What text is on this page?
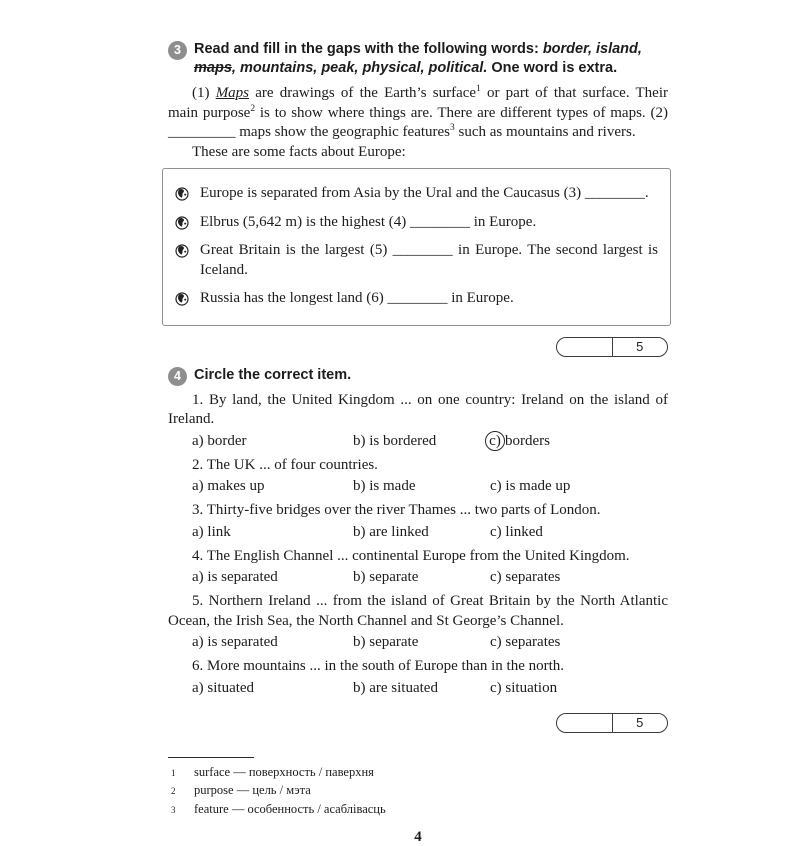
3 Read and fill in the gaps with the following words: border, island, maps, mountains, peak, physical, political. One word is extra.

(1) Maps are drawings of the Earth’s surface$^1$ or part of that surface. Their main purpose$^2$ is to show where things are. There are different types of maps. (2) _________ maps show the geographic features$^3$ such as mountains and rivers.

These are some facts about Europe:

Europe is separated from Asia by the Ural and the Caucasus (3) ________.
Elbrus (5,642 m) is the highest (4) ________ in Europe.
Great Britain is the largest (5) ________ in Europe. The second largest is Iceland.
Russia has the longest land (6) ________ in Europe.
5
4 Circle the correct item.

1. By land, the United Kingdom ... on one country: Ireland on the island of Ireland.

a) border	b) is bordered	c) borders

2. The UK ... of four countries.

a) makes up	b) is made	c) is made up

3. Thirty-five bridges over the river Thames ... two parts of London.

a) link	b) are linked	c) linked

4. The English Channel ... continental Europe from the United Kingdom.

a) is separated	b) separate	c) separates

5. Northern Ireland ... from the island of Great Britain by the North Atlantic Ocean, the Irish Sea, the North Channel and St George’s Channel.

a) is separated	b) separate	c) separates

6. More mountains ... in the south of Europe than in the north.

a) situated	b) are situated	c) situation
5
1	surface — поверхность / паверхня
2	purpose — цель / мэта
3	feature — особенность / асаблівасць
4
